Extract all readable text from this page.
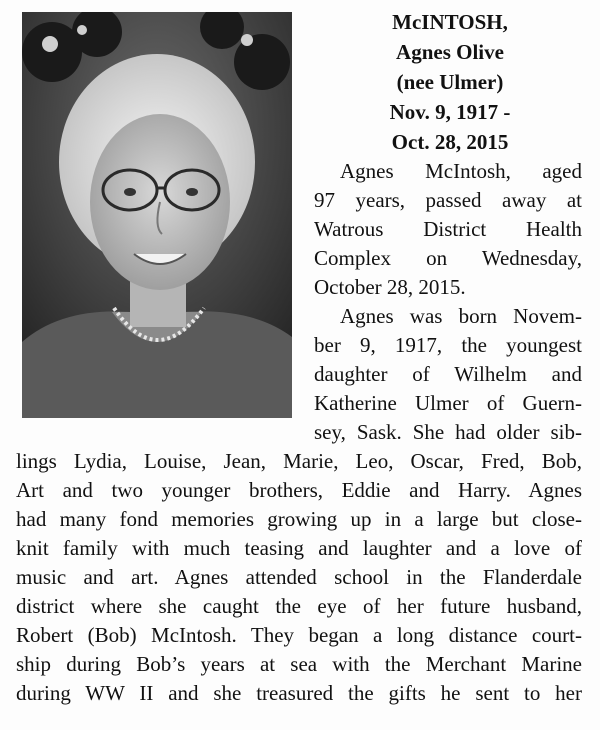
McINTOSH,
Agnes Olive
(nee Ulmer)
Nov. 9, 1917 -
Oct. 28, 2015
Agnes McIntosh, aged
97 years, passed away at
Watrous District Health
Complex on Wednesday,
October 28, 2015.
Agnes was born Novem-
ber 9, 1917, the youngest
daughter of Wilhelm and
Katherine Ulmer of Guern-
sey, Sask. She had older sib-
lings Lydia, Louise, Jean, Marie, Leo, Oscar, Fred, Bob,
Art and two younger brothers, Eddie and Harry. Agnes
had many fond memories growing up in a large but close-
knit family with much teasing and laughter and a love of
music and art. Agnes attended school in the Flanderdale
district where she caught the eye of her future husband,
Robert (Bob) McIntosh. They began a long distance court-
ship during Bob’s years at sea with the Merchant Marine
during WW II and she treasured the gifts he sent to her
